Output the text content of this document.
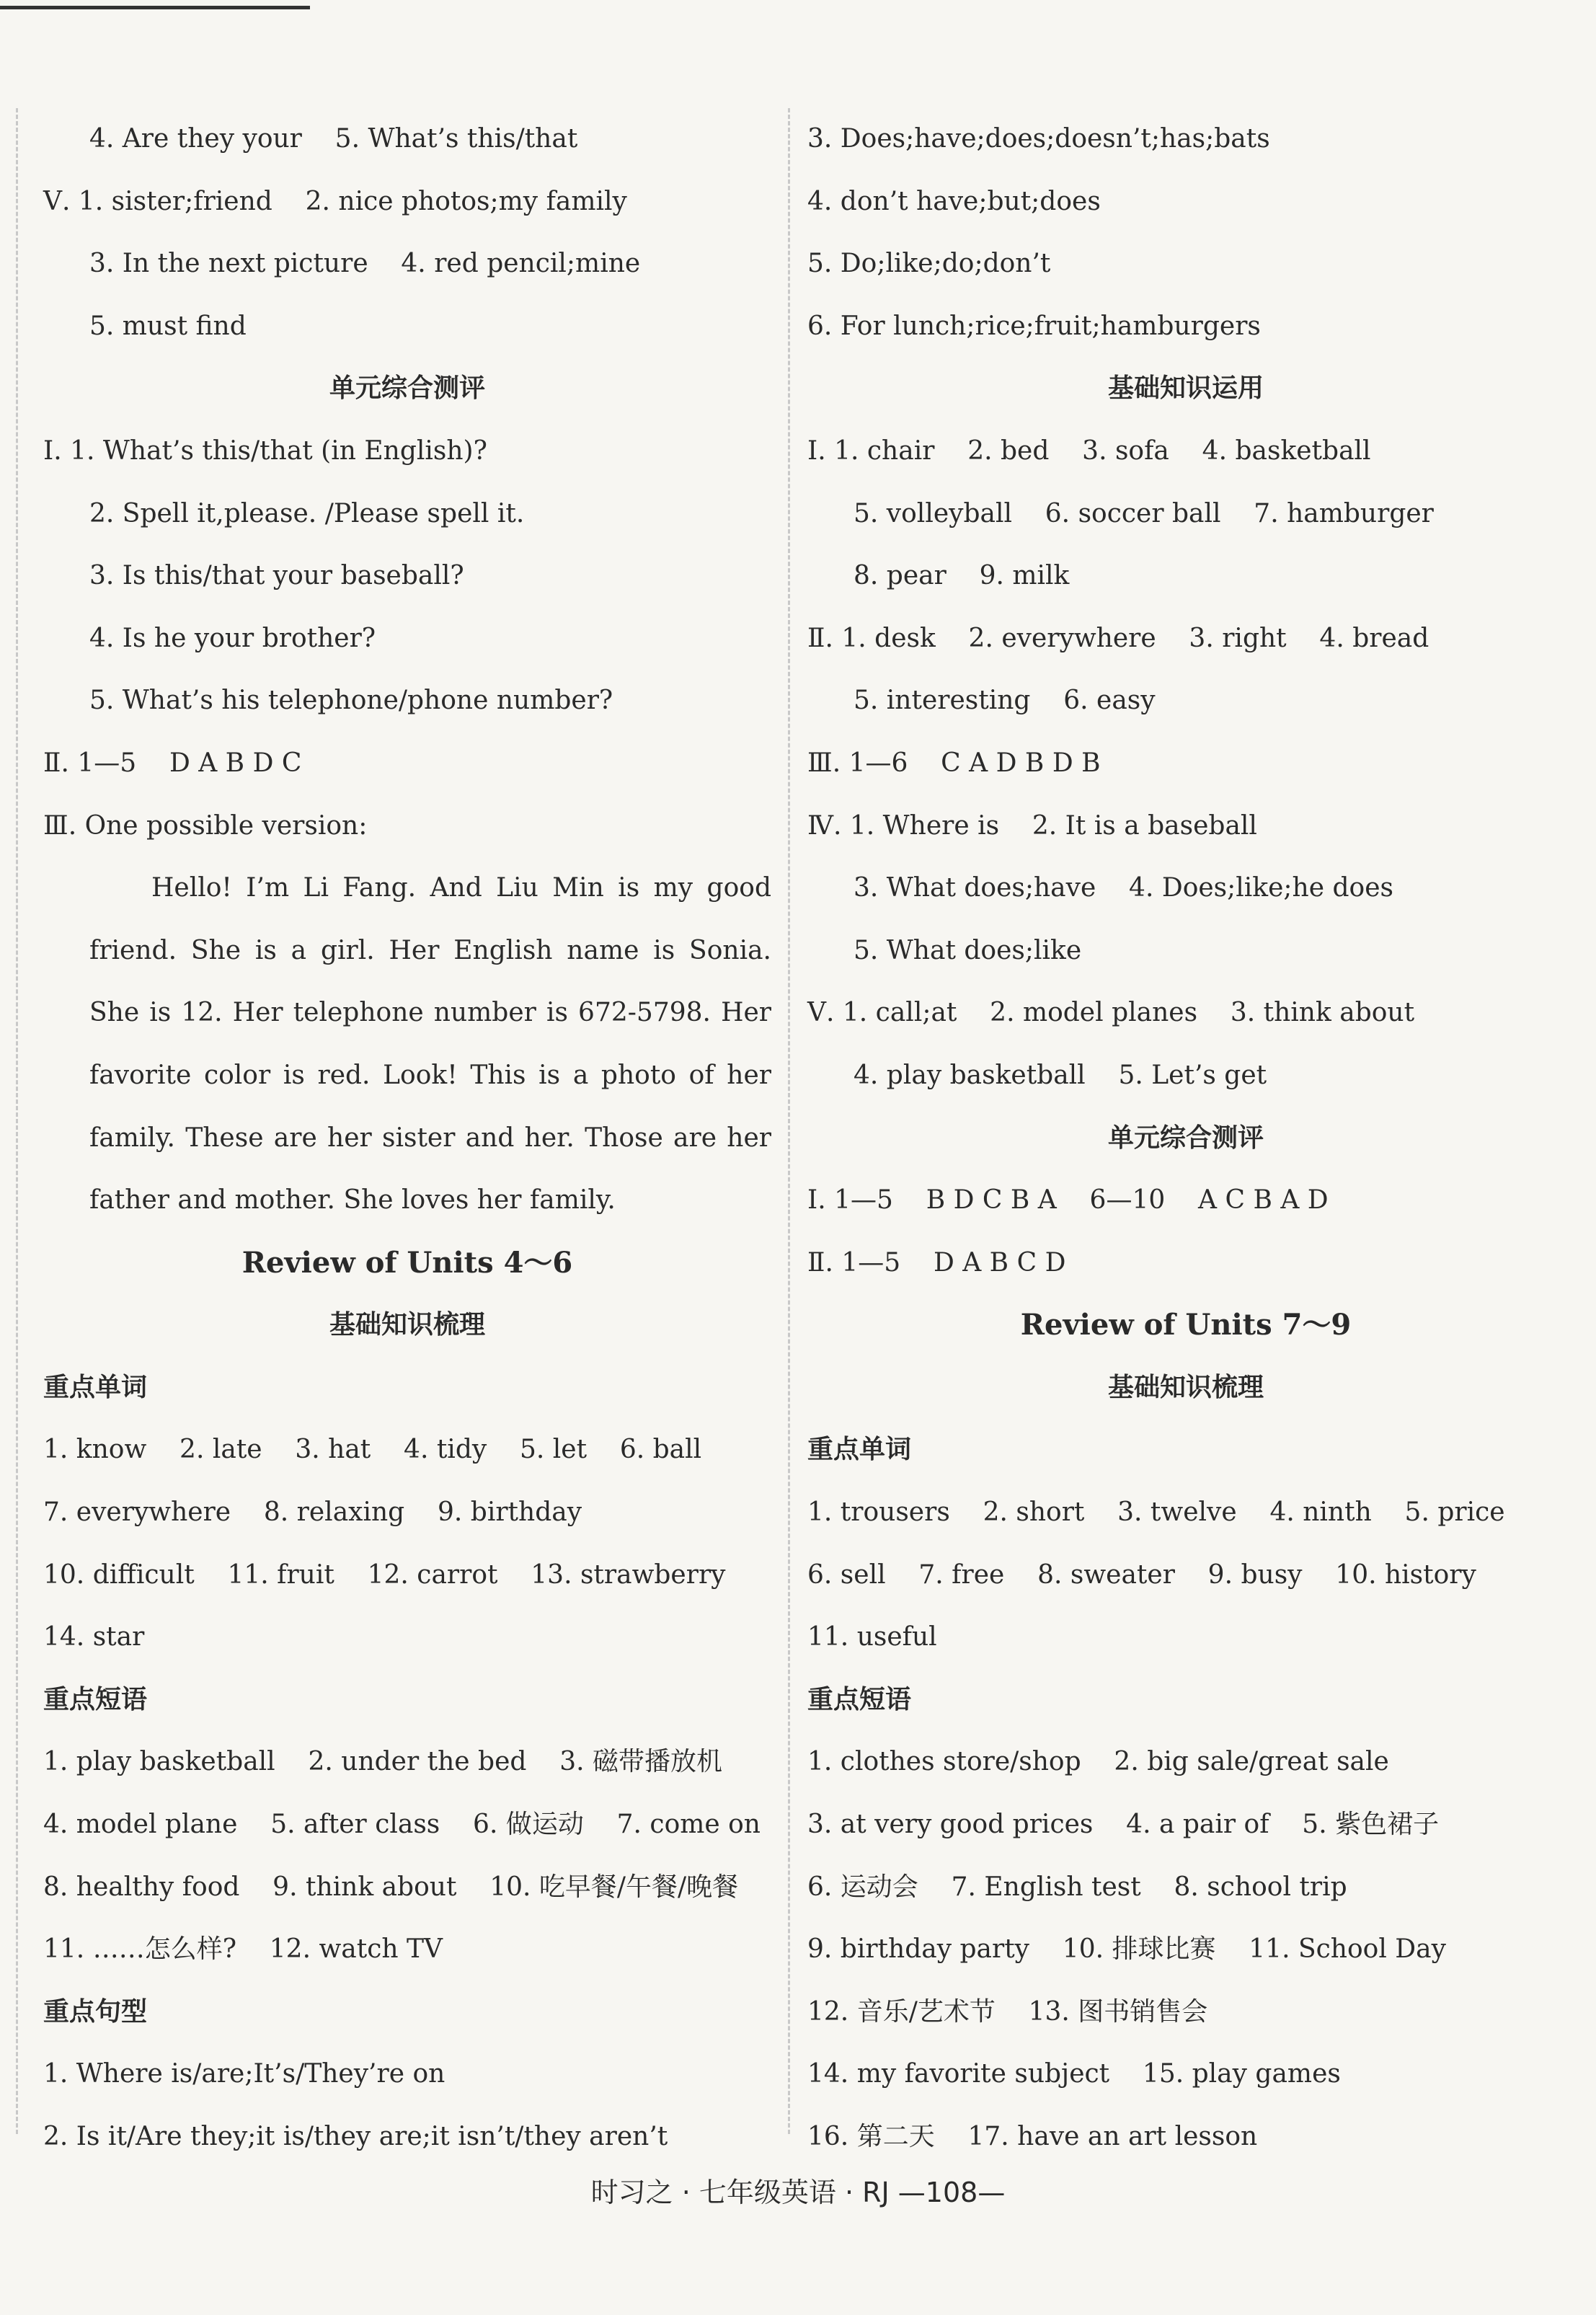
4. Are they your    5. What’s this/that
Ⅴ. 1. sister;friend    2. nice photos;my family
3. In the next picture    4. red pencil;mine
5. must find
单元综合测评
Ⅰ. 1. What’s this/that (in English)?
2. Spell it,please. /Please spell it.
3. Is this/that your baseball?
4. Is he your brother?
5. What’s his telephone/phone number?
Ⅱ. 1—5    D A B D C
Ⅲ. One possible version:
Hello! I’m Li Fang. And Liu Min is my good friend. She is a girl. Her English name is Sonia. She is 12. Her telephone number is 672-5798. Her favorite color is red. Look! This is a photo of her family. These are her sister and her. Those are her father and mother. She loves her family.
Review of Units 4～6
基础知识梳理
重点单词
1. know    2. late    3. hat    4. tidy    5. let    6. ball
7. everywhere    8. relaxing    9. birthday
10. difficult    11. fruit    12. carrot    13. strawberry
14. star
重点短语
1. play basketball    2. under the bed    3. 磁带播放机
4. model plane    5. after class    6. 做运动    7. come on
8. healthy food    9. think about    10. 吃早餐/午餐/晚餐
11. ……怎么样?    12. watch TV
重点句型
1. Where is/are;It’s/They’re on
2. Is it/Are they;it is/they are;it isn’t/they aren’t
3. Does;have;does;doesn’t;has;bats
4. don’t have;but;does
5. Do;like;do;don’t
6. For lunch;rice;fruit;hamburgers
基础知识运用
Ⅰ. 1. chair    2. bed    3. sofa    4. basketball
5. volleyball    6. soccer ball    7. hamburger
8. pear    9. milk
Ⅱ. 1. desk    2. everywhere    3. right    4. bread
5. interesting    6. easy
Ⅲ. 1—6    C A D B D B
Ⅳ. 1. Where is    2. It is a baseball
3. What does;have    4. Does;like;he does
5. What does;like
Ⅴ. 1. call;at    2. model planes    3. think about
4. play basketball    5. Let’s get
单元综合测评
Ⅰ. 1—5    B D C B A    6—10    A C B A D
Ⅱ. 1—5    D A B C D
Review of Units 7～9
基础知识梳理
重点单词
1. trousers    2. short    3. twelve    4. ninth    5. price
6. sell    7. free    8. sweater    9. busy    10. history
11. useful
重点短语
1. clothes store/shop    2. big sale/great sale
3. at very good prices    4. a pair of    5. 紫色裙子
6. 运动会    7. English test    8. school trip
9. birthday party    10. 排球比赛    11. School Day
12. 音乐/艺术节    13. 图书销售会
14. my favorite subject    15. play games
16. 第二天    17. have an art lesson
时习之 · 七年级英语 · RJ —108—
